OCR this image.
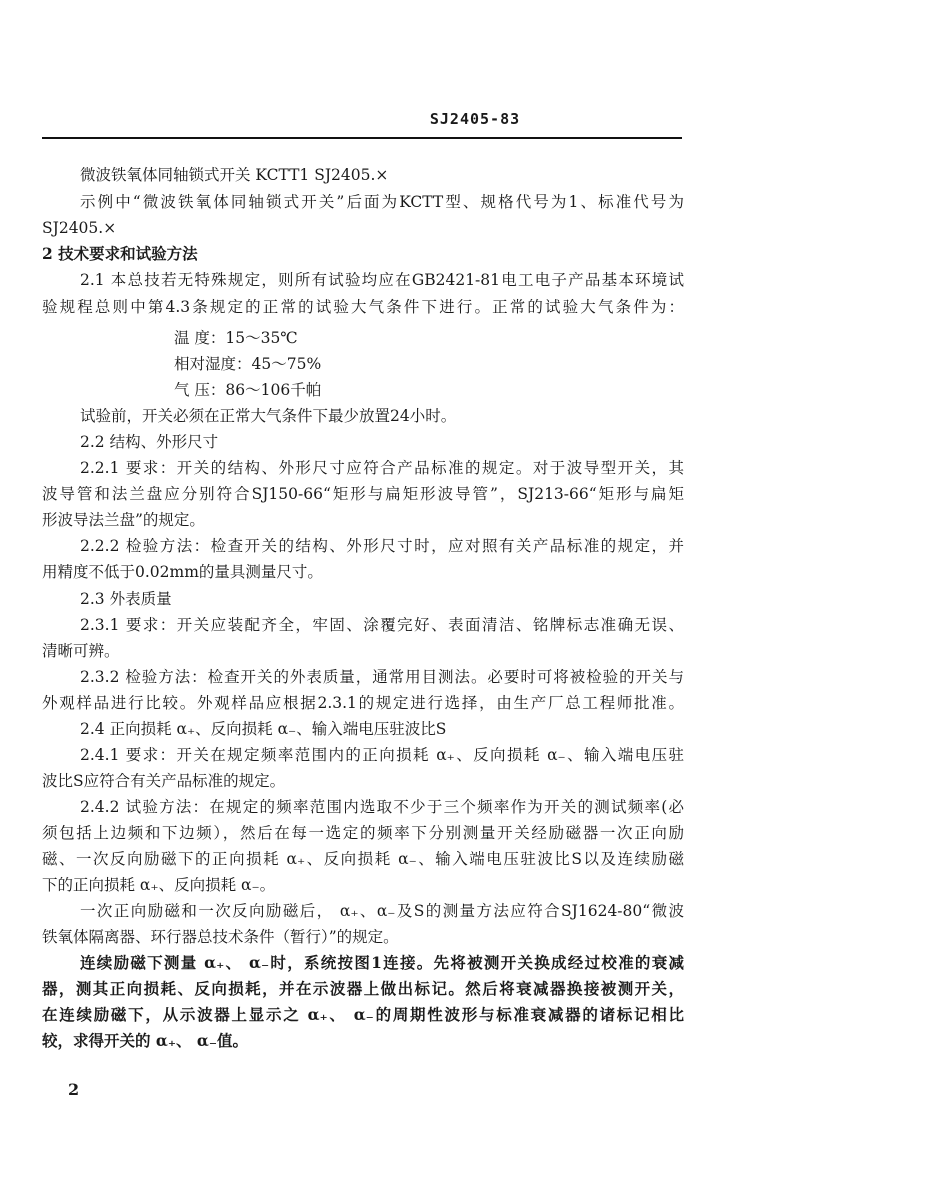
SJ2405-83
微波铁氧体同轴锁式开关 KCTT1 SJ2405.×
示例中“微波铁氧体同轴锁式开关”后面为KCTT型、规格代号为1、标准代号为
SJ2405.×
2 技术要求和试验方法
2.1 本总技若无特殊规定，则所有试验均应在GB2421-81电工电子产品基本环境试
验规程总则中第4.3条规定的正常的试验大气条件下进行。正常的试验大气条件为：
温 度：15～35℃
相对湿度：45～75%
气 压：86～106千帕
试验前，开关必须在正常大气条件下最少放置24小时。
2.2 结构、外形尺寸
2.2.1 要求：开关的结构、外形尺寸应符合产品标准的规定。对于波导型开关，其
波导管和法兰盘应分别符合SJ150-66“矩形与扁矩形波导管”，SJ213-66“矩形与扁矩
形波导法兰盘”的规定。
2.2.2 检验方法：检查开关的结构、外形尺寸时，应对照有关产品标准的规定，并
用精度不低于0.02mm的量具测量尺寸。
2.3 外表质量
2.3.1 要求：开关应装配齐全，牢固、涂覆完好、表面清洁、铭牌标志准确无误、
清晰可辨。
2.3.2 检验方法：检查开关的外表质量，通常用目测法。必要时可将被检验的开关与
外观样品进行比较。外观样品应根据2.3.1的规定进行选择，由生产厂总工程师批准。
2.4 正向损耗 α₊、反向损耗 α₋、输入端电压驻波比S
2.4.1 要求：开关在规定频率范围内的正向损耗 α₊、反向损耗 α₋、输入端电压驻
波比S应符合有关产品标准的规定。
2.4.2 试验方法：在规定的频率范围内选取不少于三个频率作为开关的测试频率(必
须包括上边频和下边频），然后在每一选定的频率下分别测量开关经励磁器一次正向励
磁、一次反向励磁下的正向损耗 α₊、反向损耗 α₋、输入端电压驻波比S以及连续励磁
下的正向损耗 α₊、反向损耗 α₋。
一次正向励磁和一次反向励磁后， α₊、α₋及S的测量方法应符合SJ1624-80“微波
铁氧体隔离器、环行器总技术条件（暂行）”的规定。
连续励磁下测量 α₊、 α₋时，系统按图1连接。先将被测开关换成经过校准的衰减
器，测其正向损耗、反向损耗，并在示波器上做出标记。然后将衰减器换接被测开关，
在连续励磁下，从示波器上显示之 α₊、 α₋的周期性波形与标准衰减器的诸标记相比
较，求得开关的 α₊、 α₋值。
2
